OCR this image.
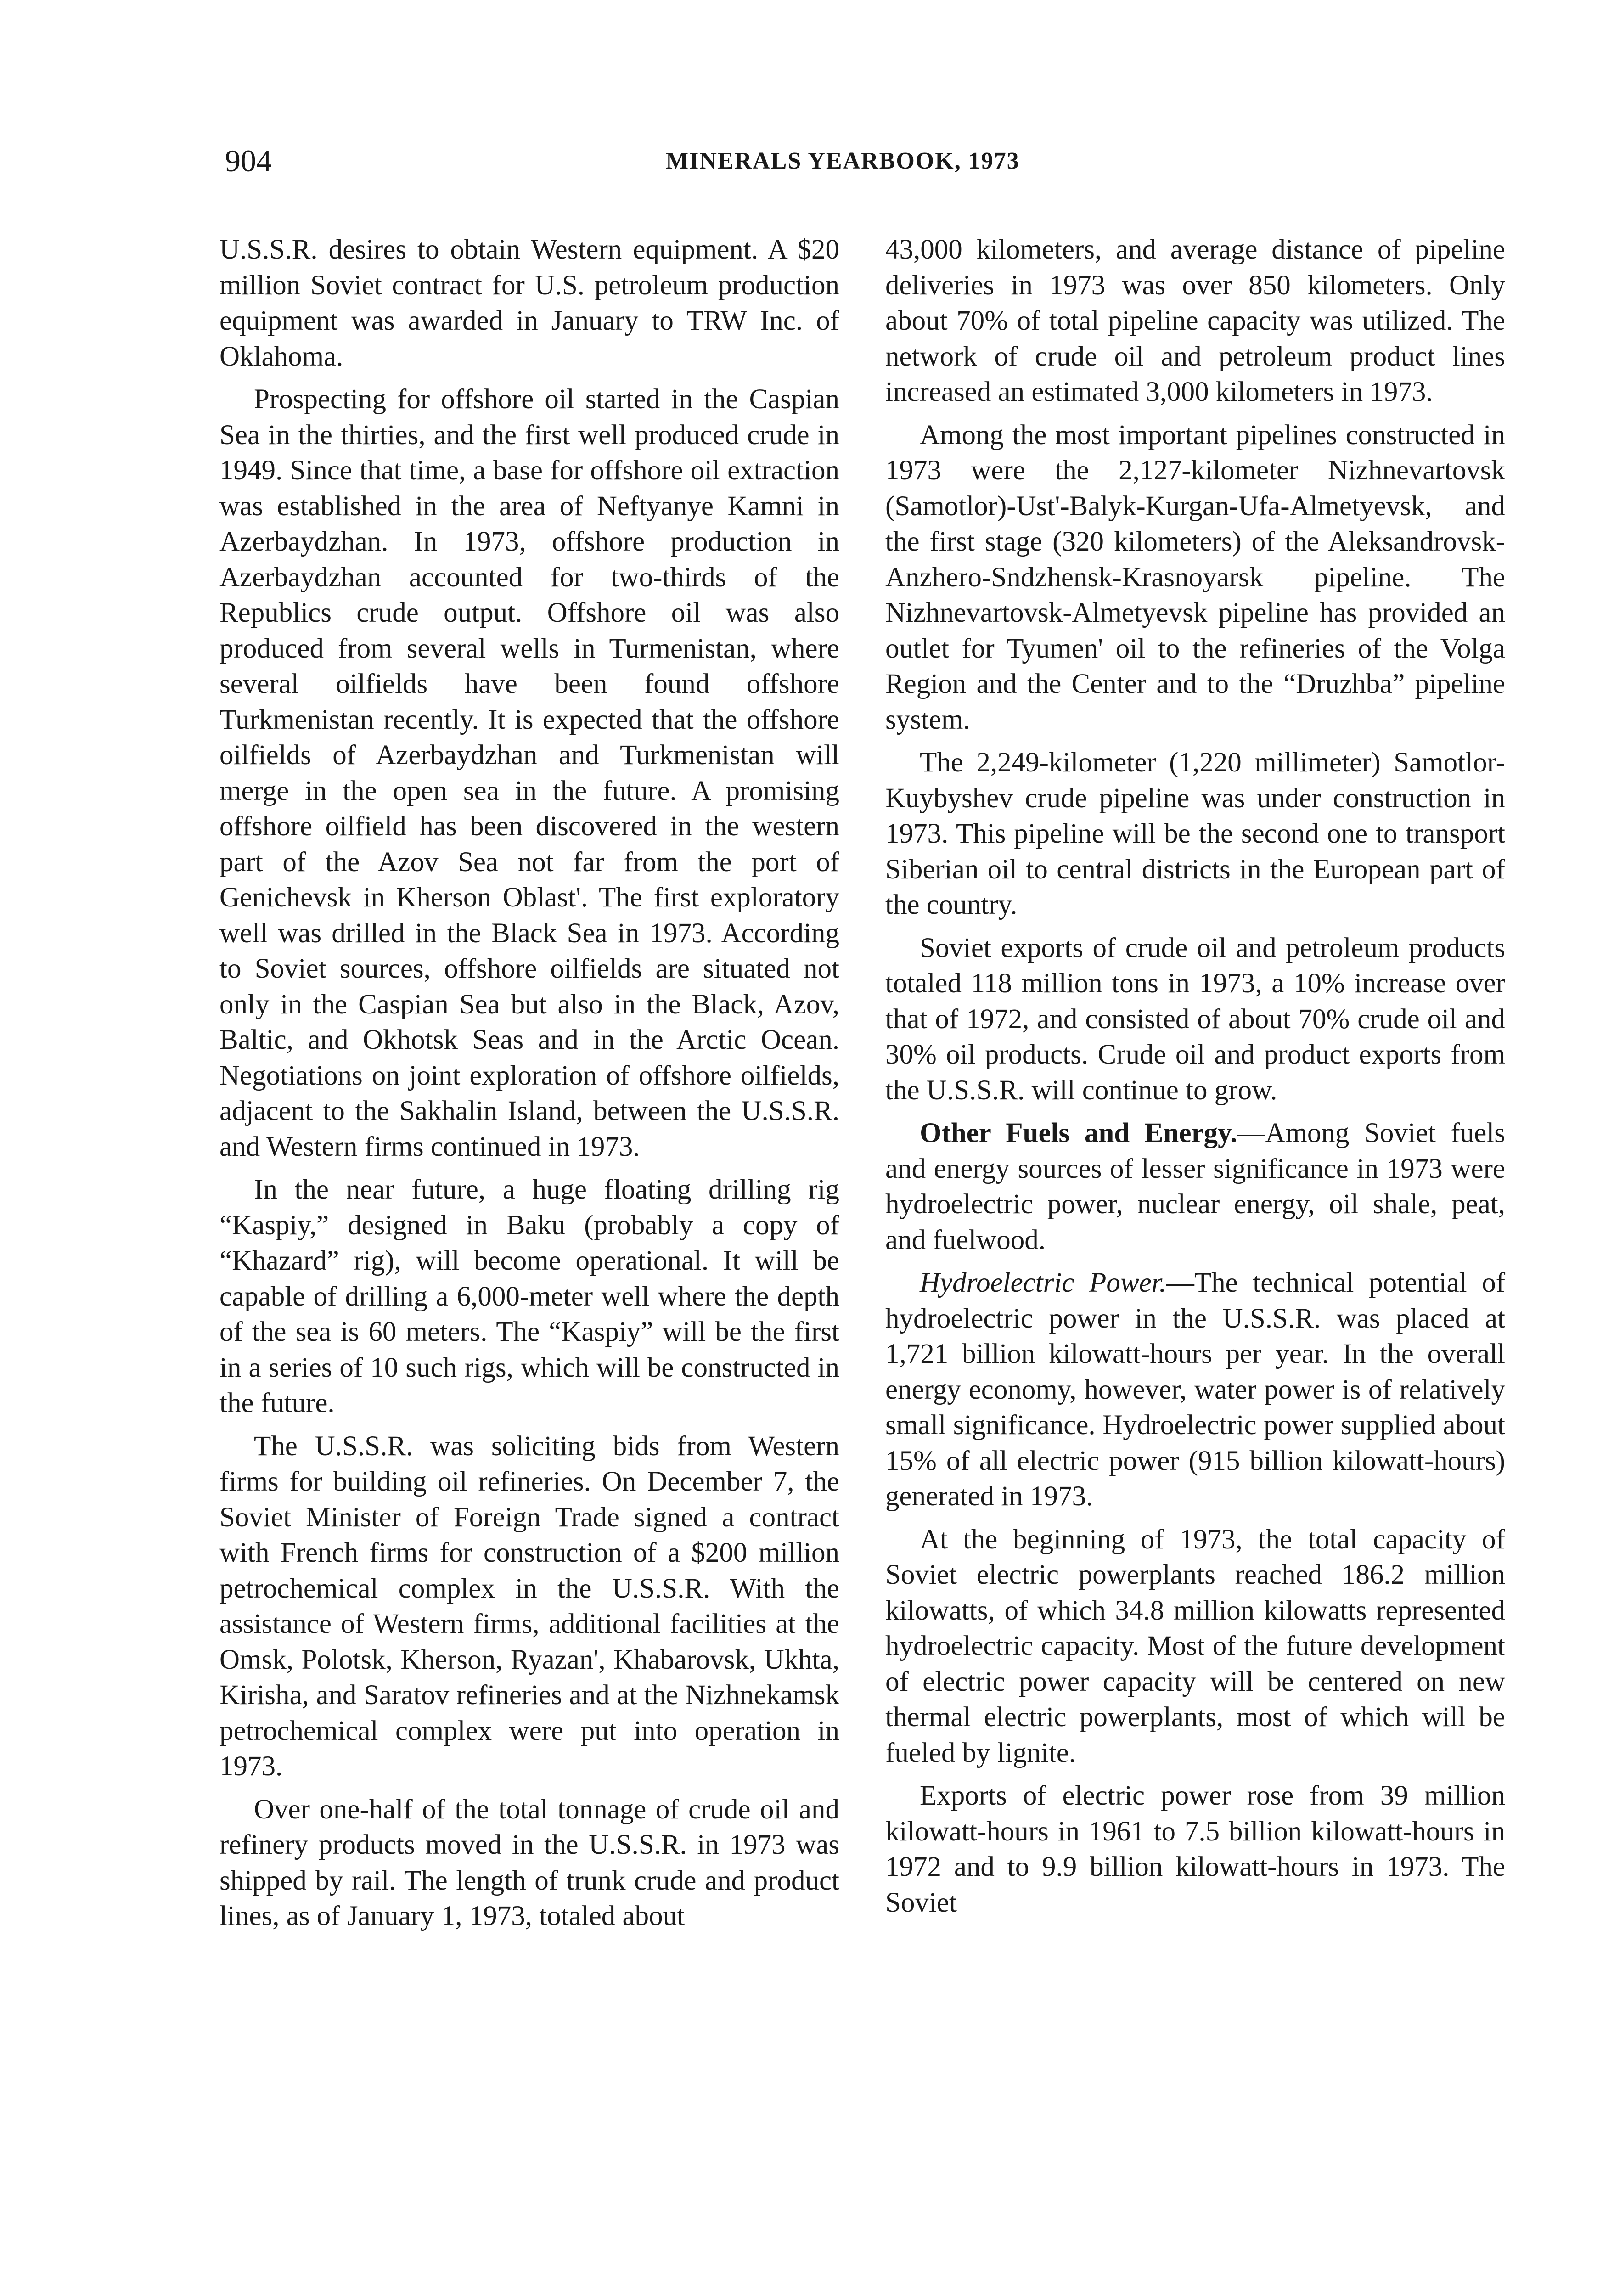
904	MINERALS YEARBOOK, 1973

U.S.S.R. desires to obtain Western equipment. A $20 million Soviet contract for U.S. petroleum production equipment was awarded in January to TRW Inc. of Oklahoma.

Prospecting for offshore oil started in the Caspian Sea in the thirties, and the first well produced crude in 1949. Since that time, a base for offshore oil extraction was established in the area of Neftyanye Kamni in Azerbaydzhan. In 1973, offshore production in Azerbaydzhan accounted for two-thirds of the Republics crude output. Offshore oil was also produced from several wells in Turmenistan, where several oilfields have been found offshore Turkmenistan recently. It is expected that the offshore oilfields of Azerbaydzhan and Turkmenistan will merge in the open sea in the future. A promising offshore oilfield has been discovered in the western part of the Azov Sea not far from the port of Genichevsk in Kherson Oblast'. The first exploratory well was drilled in the Black Sea in 1973. According to Soviet sources, offshore oilfields are situated not only in the Caspian Sea but also in the Black, Azov, Baltic, and Okhotsk Seas and in the Arctic Ocean. Negotiations on joint exploration of offshore oilfields, adjacent to the Sakhalin Island, between the U.S.S.R. and Western firms continued in 1973.

In the near future, a huge floating drilling rig “Kaspiy,” designed in Baku (probably a copy of “Khazard” rig), will become operational. It will be capable of drilling a 6,000-meter well where the depth of the sea is 60 meters. The “Kaspiy” will be the first in a series of 10 such rigs, which will be constructed in the future.

The U.S.S.R. was soliciting bids from Western firms for building oil refineries. On December 7, the Soviet Minister of Foreign Trade signed a contract with French firms for construction of a $200 million petrochemical complex in the U.S.S.R. With the assistance of Western firms, additional facilities at the Omsk, Polotsk, Kherson, Ryazan', Khabarovsk, Ukhta, Kirisha, and Saratov refineries and at the Nizhnekamsk petrochemical complex were put into operation in 1973.

Over one-half of the total tonnage of crude oil and refinery products moved in the U.S.S.R. in 1973 was shipped by rail. The length of trunk crude and product lines, as of January 1, 1973, totaled about

43,000 kilometers, and average distance of pipeline deliveries in 1973 was over 850 kilometers. Only about 70% of total pipeline capacity was utilized. The network of crude oil and petroleum product lines increased an estimated 3,000 kilometers in 1973.

Among the most important pipelines constructed in 1973 were the 2,127-kilometer Nizhnevartovsk (Samotlor)-Ust'-Balyk-Kurgan-Ufa-Almetyevsk, and the first stage (320 kilometers) of the Aleksandrovsk-Anzhero-Sndzhensk-Krasnoyarsk pipeline. The Nizhnevartovsk-Almetyevsk pipeline has provided an outlet for Tyumen' oil to the refineries of the Volga Region and the Center and to the “Druzhba” pipeline system.

The 2,249-kilometer (1,220 millimeter) Samotlor-Kuybyshev crude pipeline was under construction in 1973. This pipeline will be the second one to transport Siberian oil to central districts in the European part of the country.

Soviet exports of crude oil and petroleum products totaled 118 million tons in 1973, a 10% increase over that of 1972, and consisted of about 70% crude oil and 30% oil products. Crude oil and product exports from the U.S.S.R. will continue to grow.

Other Fuels and Energy.—Among Soviet fuels and energy sources of lesser significance in 1973 were hydroelectric power, nuclear energy, oil shale, peat, and fuelwood.

Hydroelectric Power.—The technical potential of hydroelectric power in the U.S.S.R. was placed at 1,721 billion kilowatt-hours per year. In the overall energy economy, however, water power is of relatively small significance. Hydroelectric power supplied about 15% of all electric power (915 billion kilowatt-hours) generated in 1973.

At the beginning of 1973, the total capacity of Soviet electric powerplants reached 186.2 million kilowatts, of which 34.8 million kilowatts represented hydroelectric capacity. Most of the future development of electric power capacity will be centered on new thermal electric powerplants, most of which will be fueled by lignite.

Exports of electric power rose from 39 million kilowatt-hours in 1961 to 7.5 billion kilowatt-hours in 1972 and to 9.9 billion kilowatt-hours in 1973. The Soviet
